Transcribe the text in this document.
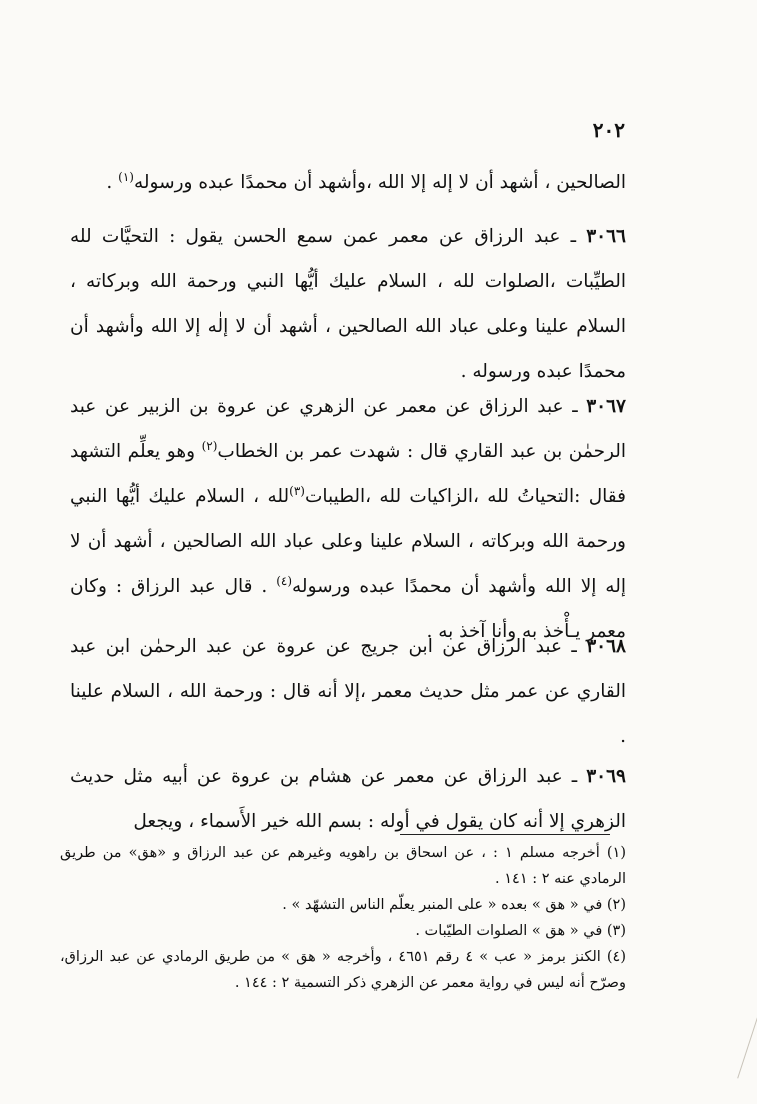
٢٠٢

الصالحين ، أشهد أن لا إله إلا الله ،وأشهد أن محمدًا عبده ورسوله$^{(١)}$ .

٣٠٦٦ ـ عبد الرزاق عن معمر عمن سمع الحسن يقول : التحيَّات لله الطيِّبات ،الصلوات لله ، السلام عليك أيُّها النبي ورحمة الله وبركاته ، السلام علينا وعلى عباد الله الصالحين ، أشهد أن لا إلٰه إلا الله وأشهد أن محمدًا عبده ورسوله .

٣٠٦٧ ـ عبد الرزاق عن معمر عن الزهري عن عروة بن الزبير عن عبد الرحمٰن بن عبد القاري قال : شهدت عمر بن الخطاب$^{(٢)}$ وهو يعلِّم التشهد فقال :التحياتُ لله ،الزاكيات لله ،الطيبات$^{(٣)}$لله ، السلام عليك أيُّها النبي ورحمة الله وبركاته ، السلام علينا وعلى عباد الله الصالحين ، أشهد أن لا إله إلا الله وأشهد أن محمدًا عبده ورسوله$^{(٤)}$ . قال عبد الرزاق : وكان معمر يـأْخذ به وأنا آخذ به .

٣٠٦٨ ـ عبد الرزاق عن ابن جريج عن عروة عن عبد الرحمٰن ابن عبد القاري عن عمر مثل حديث معمر ،إلا أنه قال : ورحمة الله ، السلام علينا .

٣٠٦٩ ـ عبد الرزاق عن معمر عن هشام بن عروة عن أبيه مثل حديث الزهري إلا أنه كان يقول في أوله : بسم الله خير الأَسماء ، ويجعل

(١) أخرجه مسلم ١ : ، عن اسحاق بن راهويه وغيرهم عن عبد الرزاق و «هق» من طريق الرمادي عنه ٢ : ١٤١ .

(٢) في « هق » بعده « على المنبر يعلّم الناس التشهّد » .

(٣) في « هق » الصلوات الطيّبات .

(٤) الكنز برمز « عب » ٤ رقم ٤٦٥١ ، وأخرجه « هق » من طريق الرمادي عن عبد الرزاق، وصرّح أنه ليس في رواية معمر عن الزهري ذكر التسمية ٢ : ١٤٤ .
